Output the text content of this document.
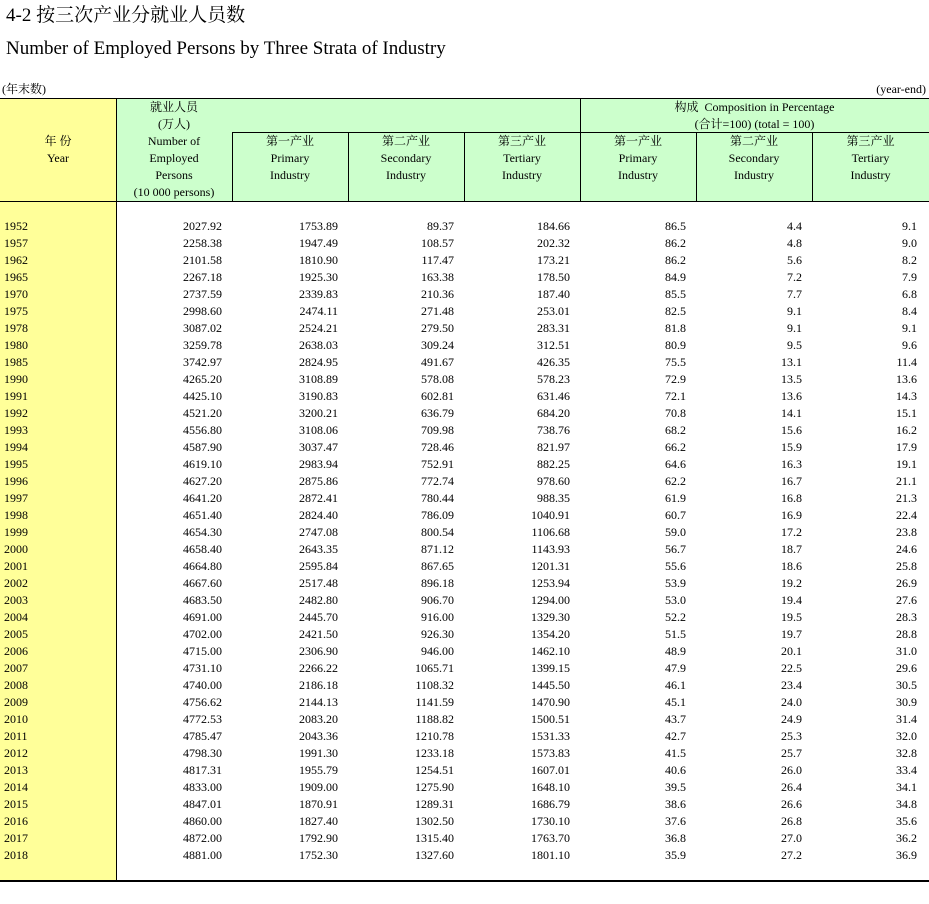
4-2 按三次产业分就业人员数
Number of Employed Persons by Three Strata of Industry
(年末数)	(year-end)
年 份
Year
就业人员
(万人)
Number of
Employed
Persons
(10 000 persons)
构成 Composition in Percentage
(合计=100) (total = 100)
第一产业
Primary
Industry
第二产业
Secondary
Industry
第三产业
Tertiary
Industry
第一产业
Primary
Industry
第二产业
Secondary
Industry
第三产业
Tertiary
Industry
1952	2027.92	1753.89	89.37	184.66	86.5	4.4	9.1
1957	2258.38	1947.49	108.57	202.32	86.2	4.8	9.0
1962	2101.58	1810.90	117.47	173.21	86.2	5.6	8.2
1965	2267.18	1925.30	163.38	178.50	84.9	7.2	7.9
1970	2737.59	2339.83	210.36	187.40	85.5	7.7	6.8
1975	2998.60	2474.11	271.48	253.01	82.5	9.1	8.4
1978	3087.02	2524.21	279.50	283.31	81.8	9.1	9.1
1980	3259.78	2638.03	309.24	312.51	80.9	9.5	9.6
1985	3742.97	2824.95	491.67	426.35	75.5	13.1	11.4
1990	4265.20	3108.89	578.08	578.23	72.9	13.5	13.6
1991	4425.10	3190.83	602.81	631.46	72.1	13.6	14.3
1992	4521.20	3200.21	636.79	684.20	70.8	14.1	15.1
1993	4556.80	3108.06	709.98	738.76	68.2	15.6	16.2
1994	4587.90	3037.47	728.46	821.97	66.2	15.9	17.9
1995	4619.10	2983.94	752.91	882.25	64.6	16.3	19.1
1996	4627.20	2875.86	772.74	978.60	62.2	16.7	21.1
1997	4641.20	2872.41	780.44	988.35	61.9	16.8	21.3
1998	4651.40	2824.40	786.09	1040.91	60.7	16.9	22.4
1999	4654.30	2747.08	800.54	1106.68	59.0	17.2	23.8
2000	4658.40	2643.35	871.12	1143.93	56.7	18.7	24.6
2001	4664.80	2595.84	867.65	1201.31	55.6	18.6	25.8
2002	4667.60	2517.48	896.18	1253.94	53.9	19.2	26.9
2003	4683.50	2482.80	906.70	1294.00	53.0	19.4	27.6
2004	4691.00	2445.70	916.00	1329.30	52.2	19.5	28.3
2005	4702.00	2421.50	926.30	1354.20	51.5	19.7	28.8
2006	4715.00	2306.90	946.00	1462.10	48.9	20.1	31.0
2007	4731.10	2266.22	1065.71	1399.15	47.9	22.5	29.6
2008	4740.00	2186.18	1108.32	1445.50	46.1	23.4	30.5
2009	4756.62	2144.13	1141.59	1470.90	45.1	24.0	30.9
2010	4772.53	2083.20	1188.82	1500.51	43.7	24.9	31.4
2011	4785.47	2043.36	1210.78	1531.33	42.7	25.3	32.0
2012	4798.30	1991.30	1233.18	1573.83	41.5	25.7	32.8
2013	4817.31	1955.79	1254.51	1607.01	40.6	26.0	33.4
2014	4833.00	1909.00	1275.90	1648.10	39.5	26.4	34.1
2015	4847.01	1870.91	1289.31	1686.79	38.6	26.6	34.8
2016	4860.00	1827.40	1302.50	1730.10	37.6	26.8	35.6
2017	4872.00	1792.90	1315.40	1763.70	36.8	27.0	36.2
2018	4881.00	1752.30	1327.60	1801.10	35.9	27.2	36.9
